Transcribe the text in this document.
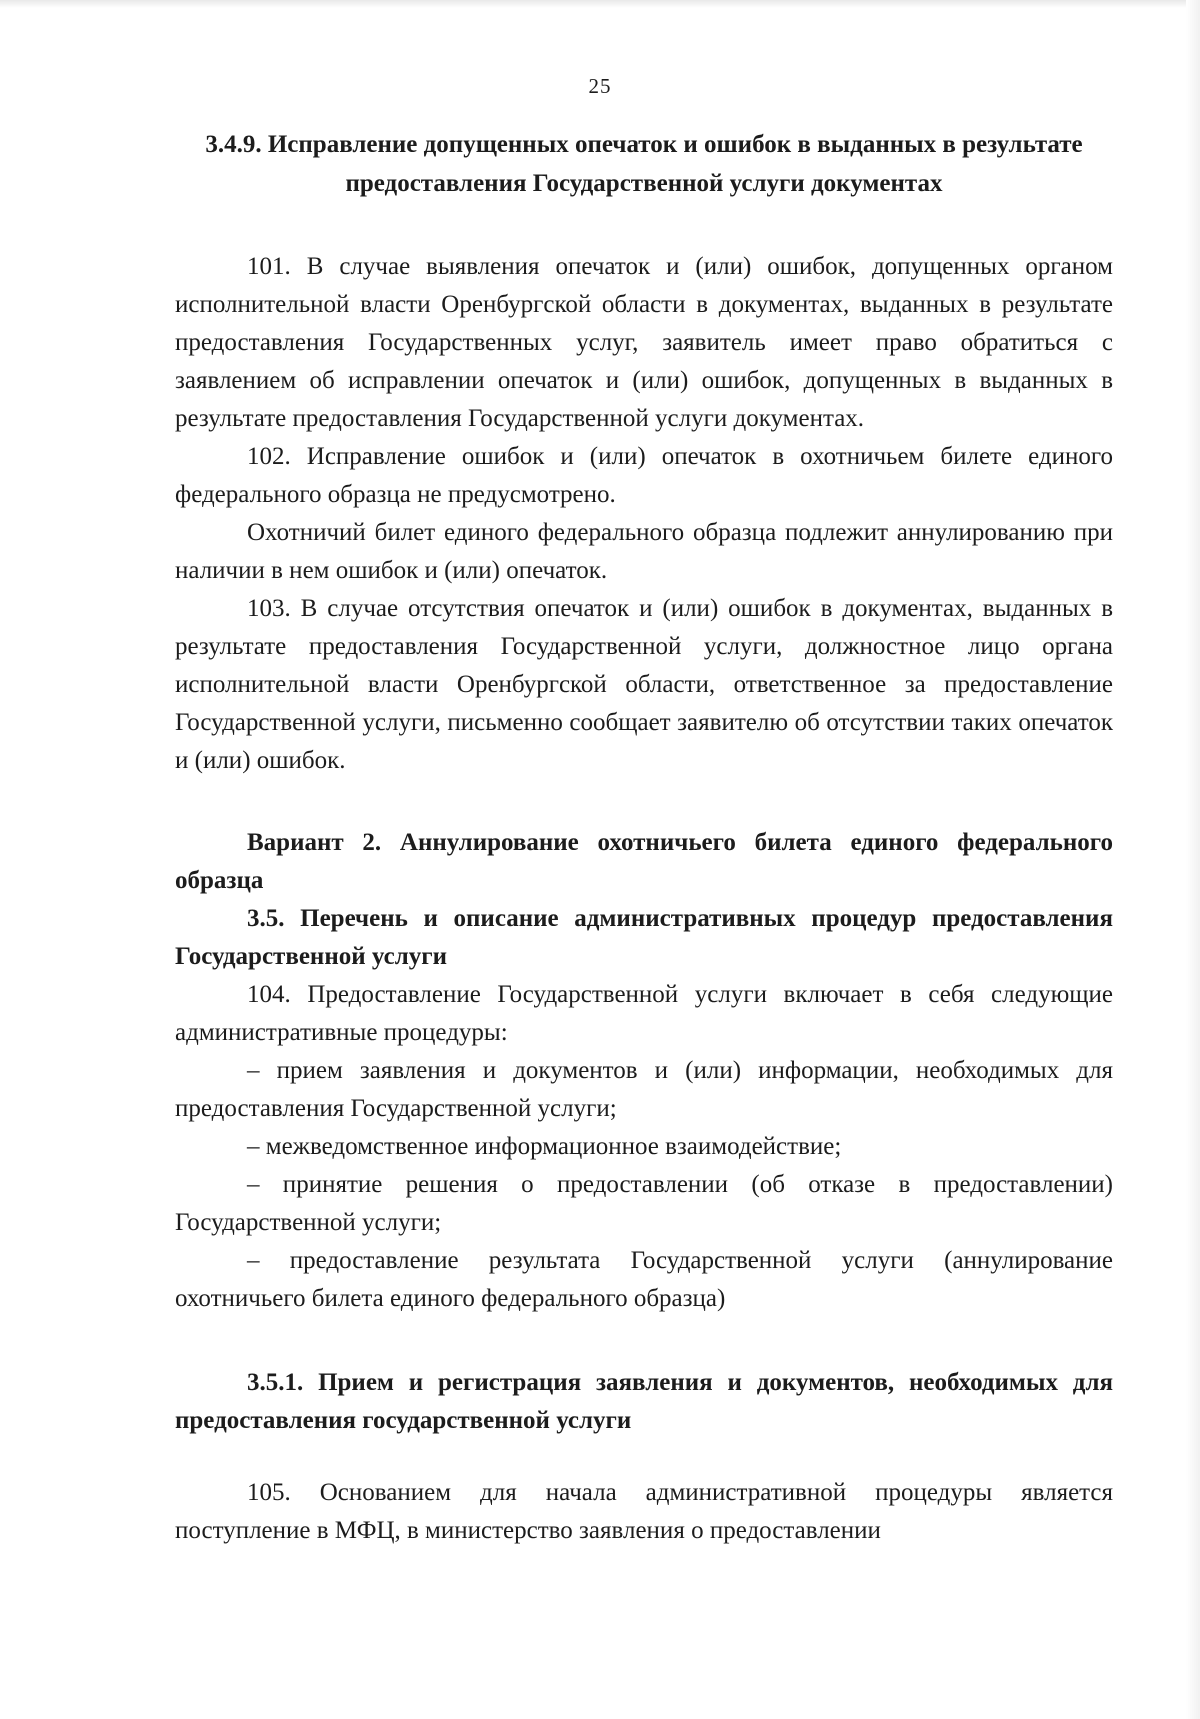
25
3.4.9. Исправление допущенных опечаток и ошибок в выданных в результате предоставления Государственной услуги документах

101. В случае выявления опечаток и (или) ошибок, допущенных органом исполнительной власти Оренбургской области в документах, выданных в результате предоставления Государственных услуг, заявитель имеет право обратиться с заявлением об исправлении опечаток и (или) ошибок, допущенных в выданных в результате предоставления Государственной услуги документах.

102. Исправление ошибок и (или) опечаток в охотничьем билете единого федерального образца не предусмотрено.

Охотничий билет единого федерального образца подлежит аннулированию при наличии в нем ошибок и (или) опечаток.

103. В случае отсутствия опечаток и (или) ошибок в документах, выданных в результате предоставления Государственной услуги, должностное лицо органа исполнительной власти Оренбургской области, ответственное за предоставление Государственной услуги, письменно сообщает заявителю об отсутствии таких опечаток и (или) ошибок.

Вариант 2. Аннулирование охотничьего билета единого федерального образца

3.5. Перечень и описание административных процедур предоставления Государственной услуги

104. Предоставление Государственной услуги включает в себя следующие административные процедуры:

– прием заявления и документов и (или) информации, необходимых для предоставления Государственной услуги;

– межведомственное информационное взаимодействие;

– принятие решения о предоставлении (об отказе в предоставлении) Государственной услуги;

– предоставление результата Государственной услуги (аннулирование охотничьего билета единого федерального образца)

3.5.1. Прием и регистрация заявления и документов, необходимых для предоставления государственной услуги

105. Основанием для начала административной процедуры является поступление в МФЦ, в министерство заявления о предоставлении
